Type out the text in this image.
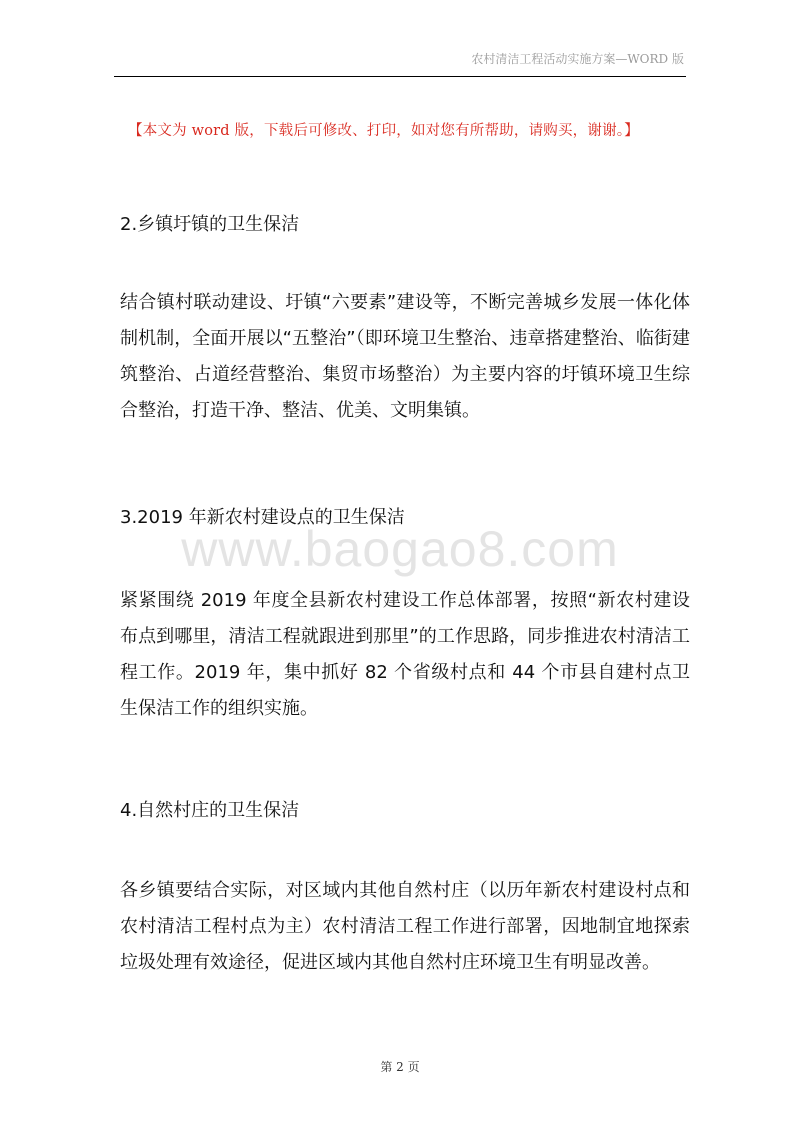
农村清洁工程活动实施方案—WORD 版
【本文为 word 版，下载后可修改、打印，如对您有所帮助，请购买，谢谢。】
www.baogao8.com
2.乡镇圩镇的卫生保洁

结合镇村联动建设、圩镇“六要素”建设等，不断完善城乡发展一体化体制机制，全面开展以“五整治”（即环境卫生整治、违章搭建整治、临街建筑整治、占道经营整治、集贸市场整治）为主要内容的圩镇环境卫生综合整治，打造干净、整洁、优美、文明集镇。

3.2019 年新农村建设点的卫生保洁

紧紧围绕 2019 年度全县新农村建设工作总体部署，按照“新农村建设布点到哪里，清洁工程就跟进到那里”的工作思路，同步推进农村清洁工程工作。2019 年，集中抓好 82 个省级村点和 44 个市县自建村点卫生保洁工作的组织实施。

4.自然村庄的卫生保洁

各乡镇要结合实际，对区域内其他自然村庄（以历年新农村建设村点和农村清洁工程村点为主）农村清洁工程工作进行部署，因地制宜地探索垃圾处理有效途径，促进区域内其他自然村庄环境卫生有明显改善。

第 2 页
